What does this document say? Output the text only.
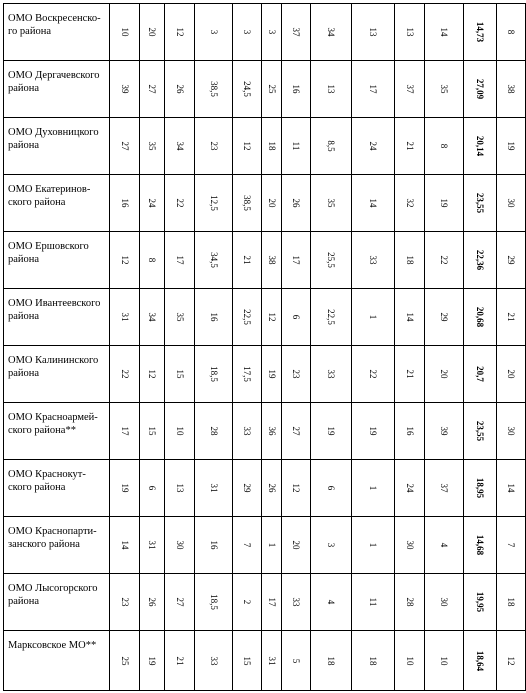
ОМО Воскресенско-
го района	10	20	12	3	3	3	37	34	13	13	14	14,73	8

ОМО Дергачевского
района	39	27	26	38,5	24,5	25	16	13	17	37	35	27,09	38

ОМО Духовницкого
района	27	35	34	23	12	18	11	8,5	24	21	8	20,14	19

ОМО Екатеринов-
ского района	16	24	22	12,5	38,5	20	26	35	14	32	19	23,55	30

ОМО Ершовского
района	12	8	17	34,5	21	38	17	25,5	33	18	22	22,36	29

ОМО Ивантеевского
района	31	34	35	16	22,5	12	6	22,5	1	14	29	20,68	21

ОМО Калининского
района	22	12	15	18,5	17,5	19	23	33	22	21	20	20,7	20

ОМО Красноармей-
ского района**	17	15	10	28	33	36	27	19	19	16	39	23,55	30

ОМО Краснокут-
ского района	19	6	13	31	29	26	12	6	1	24	37	18,95	14

ОМО Краснопарти-
занского района	14	31	30	16	7	1	20	3	1	30	4	14,68	7

ОМО Лысогорского
района	23	26	27	18,5	2	17	33	4	11	28	30	19,95	18

Марксовское МО**	25	19	21	33	15	31	5	18	18	10	10	18,64	12
